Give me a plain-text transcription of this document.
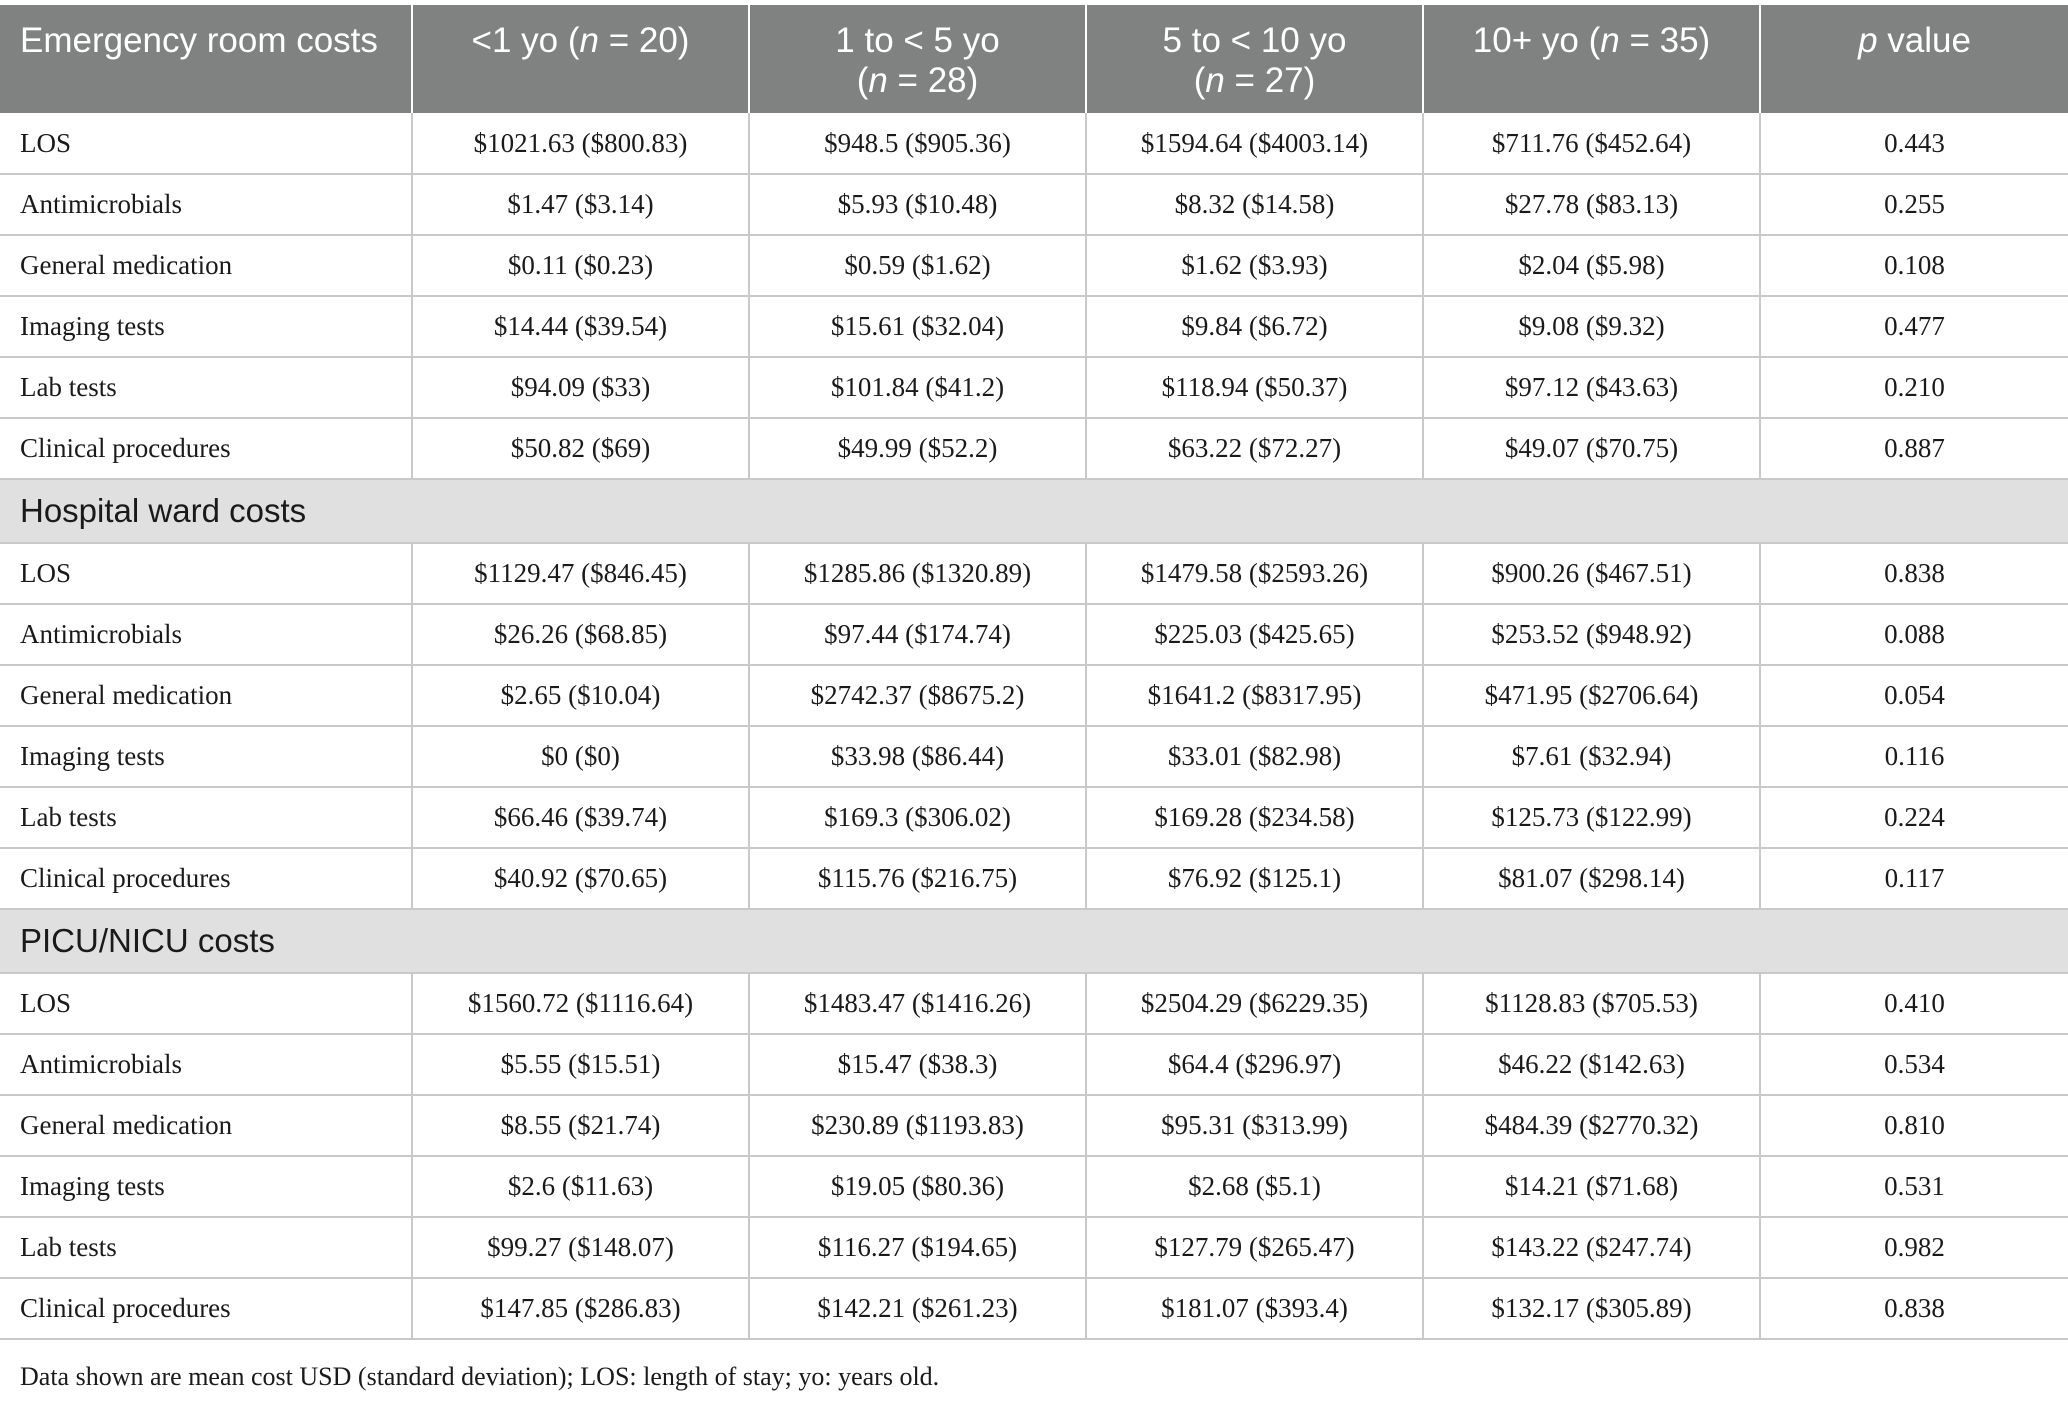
Emergency room costs	<1 yo (n = 20)	1 to < 5 yo
(n = 28)	5 to < 10 yo
(n = 27)	10+ yo (n = 35)	p value
LOS	$1021.63 ($800.83)	$948.5 ($905.36)	$1594.64 ($4003.14)	$711.76 ($452.64)	0.443
Antimicrobials	$1.47 ($3.14)	$5.93 ($10.48)	$8.32 ($14.58)	$27.78 ($83.13)	0.255
General medication	$0.11 ($0.23)	$0.59 ($1.62)	$1.62 ($3.93)	$2.04 ($5.98)	0.108
Imaging tests	$14.44 ($39.54)	$15.61 ($32.04)	$9.84 ($6.72)	$9.08 ($9.32)	0.477
Lab tests	$94.09 ($33)	$101.84 ($41.2)	$118.94 ($50.37)	$97.12 ($43.63)	0.210
Clinical procedures	$50.82 ($69)	$49.99 ($52.2)	$63.22 ($72.27)	$49.07 ($70.75)	0.887
Hospital ward costs					
LOS	$1129.47 ($846.45)	$1285.86 ($1320.89)	$1479.58 ($2593.26)	$900.26 ($467.51)	0.838
Antimicrobials	$26.26 ($68.85)	$97.44 ($174.74)	$225.03 ($425.65)	$253.52 ($948.92)	0.088
General medication	$2.65 ($10.04)	$2742.37 ($8675.2)	$1641.2 ($8317.95)	$471.95 ($2706.64)	0.054
Imaging tests	$0 ($0)	$33.98 ($86.44)	$33.01 ($82.98)	$7.61 ($32.94)	0.116
Lab tests	$66.46 ($39.74)	$169.3 ($306.02)	$169.28 ($234.58)	$125.73 ($122.99)	0.224
Clinical procedures	$40.92 ($70.65)	$115.76 ($216.75)	$76.92 ($125.1)	$81.07 ($298.14)	0.117
PICU/NICU costs					
LOS	$1560.72 ($1116.64)	$1483.47 ($1416.26)	$2504.29 ($6229.35)	$1128.83 ($705.53)	0.410
Antimicrobials	$5.55 ($15.51)	$15.47 ($38.3)	$64.4 ($296.97)	$46.22 ($142.63)	0.534
General medication	$8.55 ($21.74)	$230.89 ($1193.83)	$95.31 ($313.99)	$484.39 ($2770.32)	0.810
Imaging tests	$2.6 ($11.63)	$19.05 ($80.36)	$2.68 ($5.1)	$14.21 ($71.68)	0.531
Lab tests	$99.27 ($148.07)	$116.27 ($194.65)	$127.79 ($265.47)	$143.22 ($247.74)	0.982
Clinical procedures	$147.85 ($286.83)	$142.21 ($261.23)	$181.07 ($393.4)	$132.17 ($305.89)	0.838
Data shown are mean cost USD (standard deviation); LOS: length of stay; yo: years old.
